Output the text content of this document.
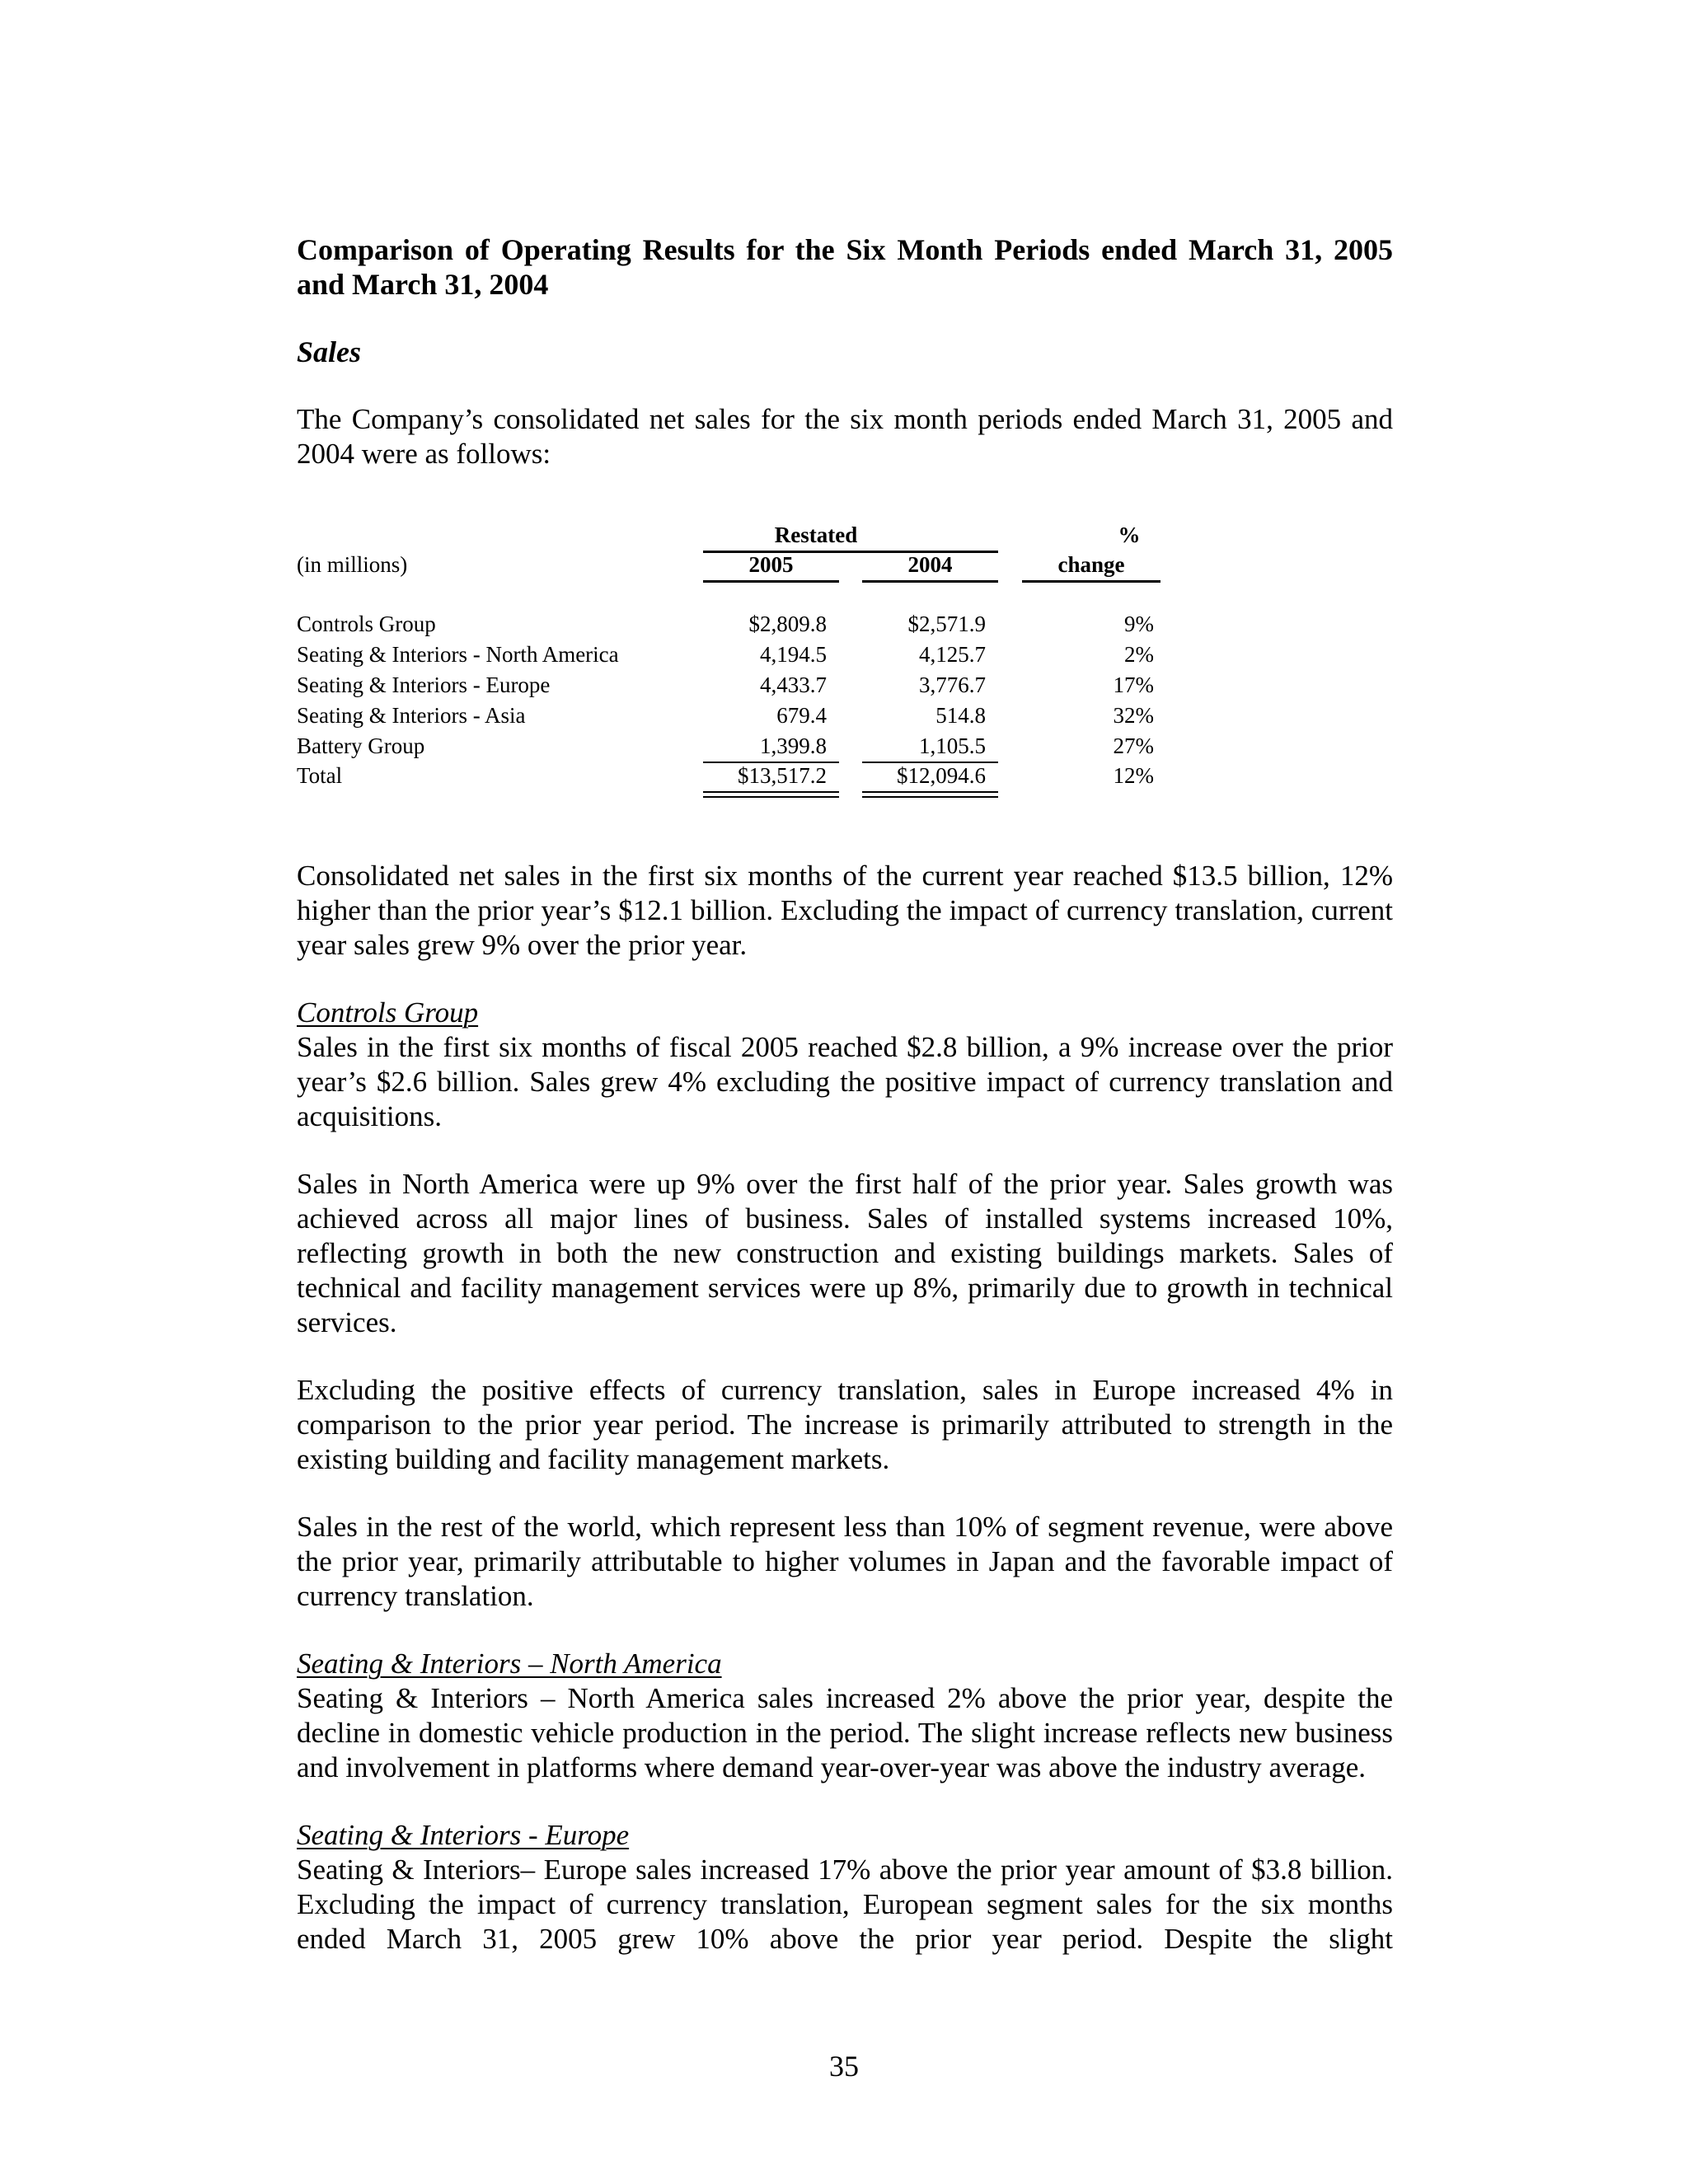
Comparison of Operating Results for the Six Month Periods ended March 31, 2005 and March 31, 2004

Sales

The Company’s consolidated net sales for the six month periods ended March 31, 2005 and 2004 were as follows:

Restated	%
(in millions)	2005	2004	change
Controls Group	$2,809.8	$2,571.9	9%
Seating & Interiors - North America	4,194.5	4,125.7	2%
Seating & Interiors - Europe	4,433.7	3,776.7	17%
Seating & Interiors - Asia	679.4	514.8	32%
Battery Group	1,399.8	1,105.5	27%
Total	$13,517.2	$12,094.6	12%

Consolidated net sales in the first six months of the current year reached $13.5 billion, 12% higher than the prior year’s $12.1 billion. Excluding the impact of currency translation, current year sales grew 9% over the prior year.

Controls Group

Sales in the first six months of fiscal 2005 reached $2.8 billion, a 9% increase over the prior year’s $2.6 billion. Sales grew 4% excluding the positive impact of currency translation and acquisitions.

Sales in North America were up 9% over the first half of the prior year. Sales growth was achieved across all major lines of business. Sales of installed systems increased 10%, reflecting growth in both the new construction and existing buildings markets. Sales of technical and facility management services were up 8%, primarily due to growth in technical services.

Excluding the positive effects of currency translation, sales in Europe increased 4% in comparison to the prior year period. The increase is primarily attributed to strength in the existing building and facility management markets.

Sales in the rest of the world, which represent less than 10% of segment revenue, were above the prior year, primarily attributable to higher volumes in Japan and the favorable impact of currency translation.

Seating & Interiors – North America

Seating & Interiors – North America sales increased 2% above the prior year, despite the decline in domestic vehicle production in the period. The slight increase reflects new business and involvement in platforms where demand year-over-year was above the industry average.

Seating & Interiors - Europe

Seating & Interiors– Europe sales increased 17% above the prior year amount of $3.8 billion. Excluding the impact of currency translation, European segment sales for the six months ended March 31, 2005 grew 10% above the prior year period. Despite the slight

35
